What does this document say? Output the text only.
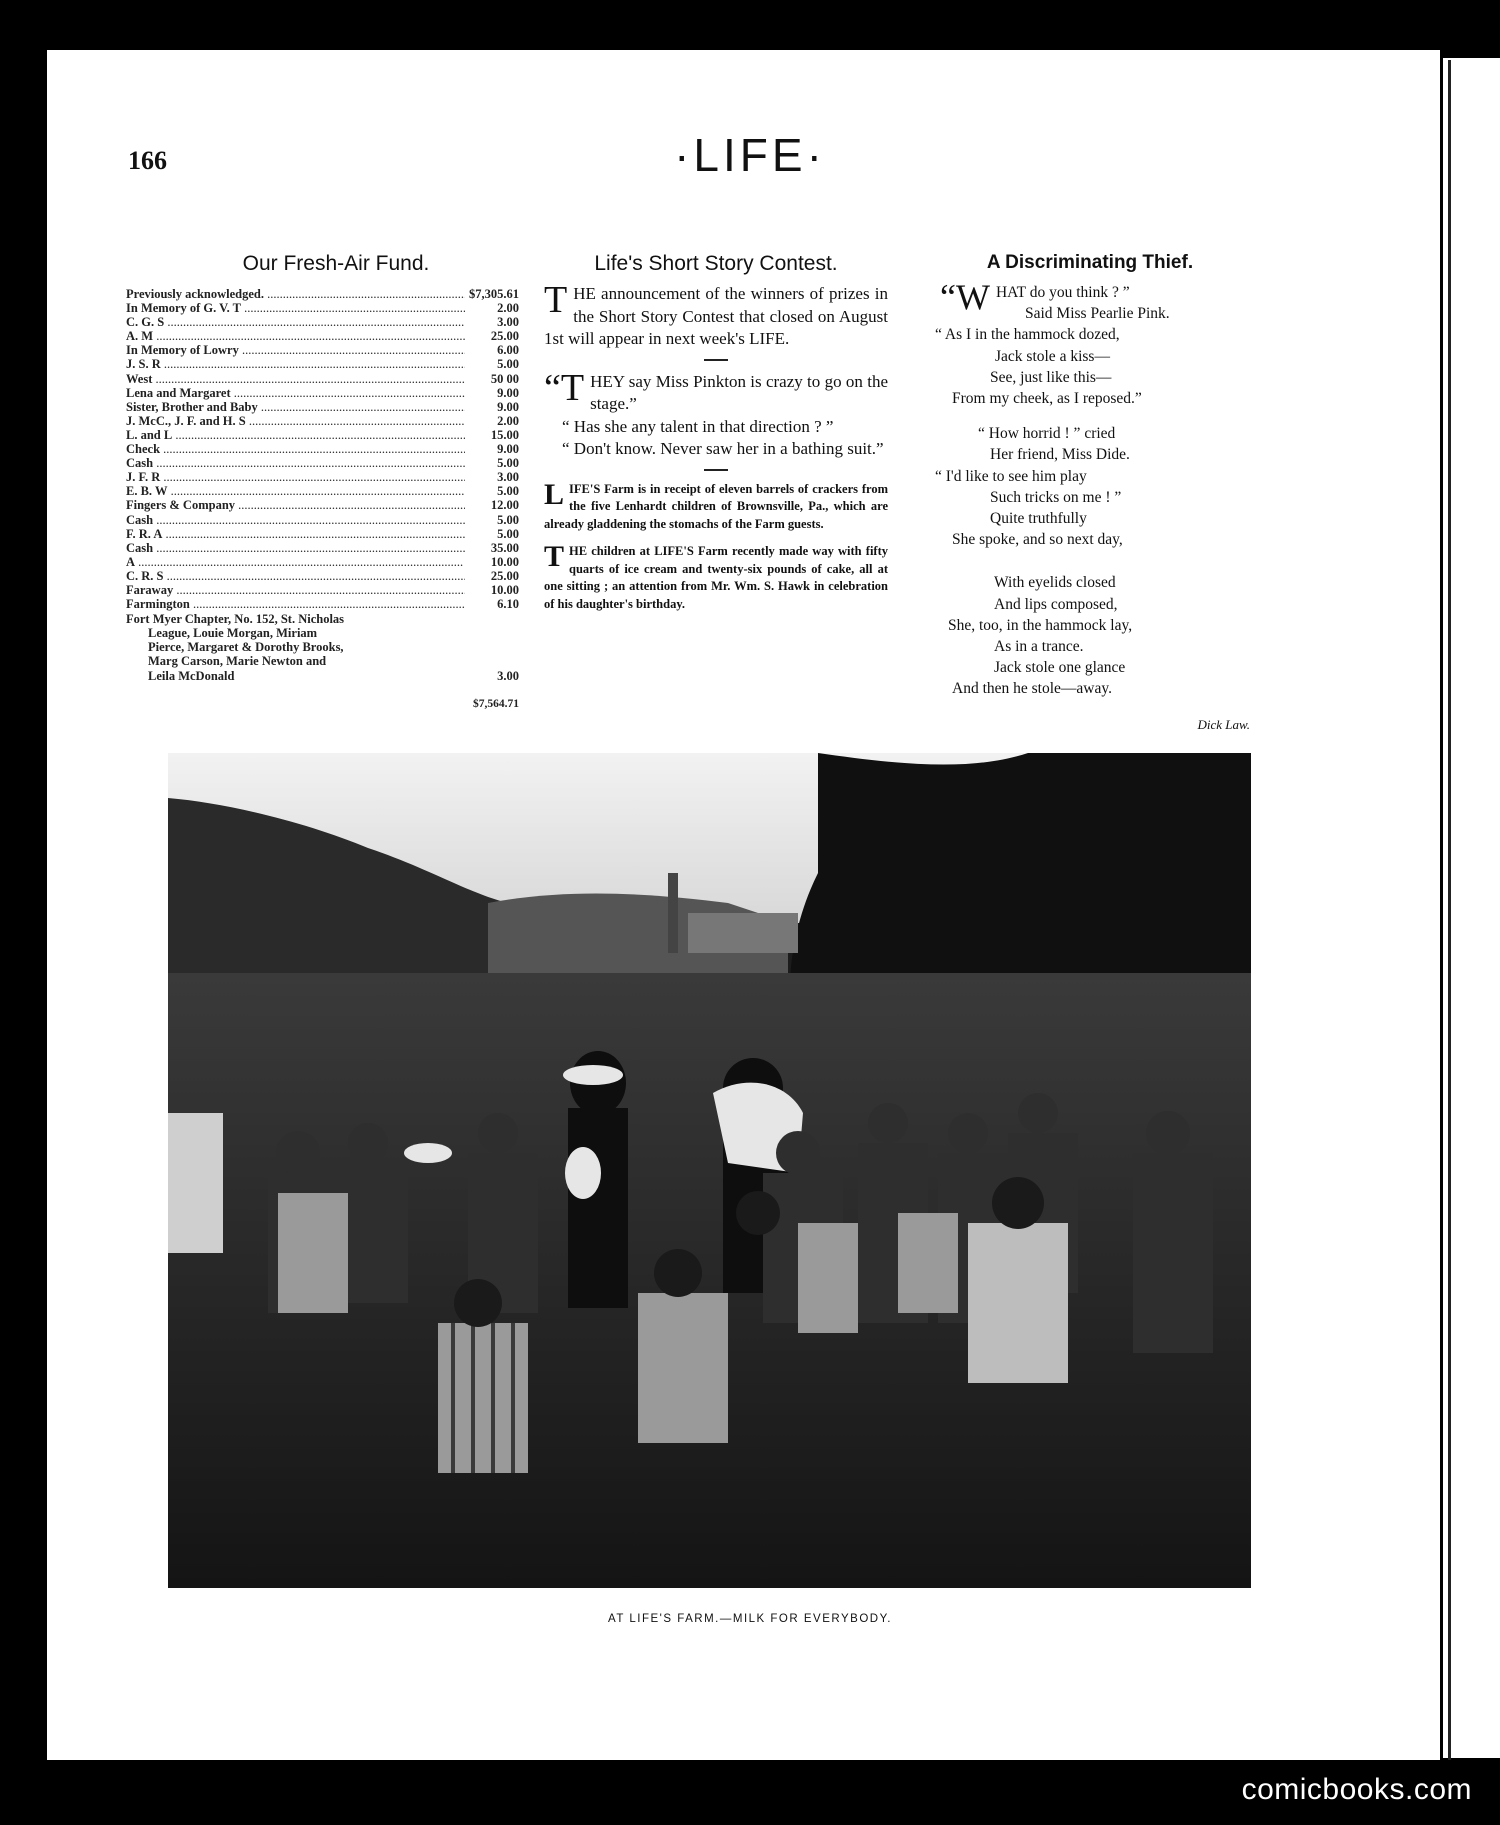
166	·LIFE·
Our Fresh-Air Fund.
Previously acknowledged. .....	$7,305.61
In Memory of G. V. T .....	2.00
C. G. S .....	3.00
A. M .....	25.00
In Memory of Lowry .....	6.00
J. S. R .....	5.00
West .....	50 00
Lena and Margaret .....	9.00
Sister, Brother and Baby .....	9.00
J. McC., J. F. and H. S .....	2.00
L. and L .....	15.00
Check .....	9.00
Cash .....	5.00
J. F. R .....	3.00
E. B. W .....	5.00
Fingers & Company .....	12.00
Cash .....	5.00
F. R. A .....	5.00
Cash .....	35.00
A .....	10.00
C. R. S .....	25.00
Faraway .....	10.00
Farmington .....	6.10
Fort Myer Chapter, No. 152, St. Nicholas
League, Louie Morgan, Miriam
Pierce, Margaret & Dorothy Brooks,
Marg Carson, Marie Newton and
Leila McDonald	3.00
$7,564.71
Life's Short Story Contest.

THE announcement of the winners of prizes in the Short Story Contest that closed on August 1st will appear in next week's LIFE.

“T HEY say Miss Pinkton is crazy to go on the stage.”

“ Has she any talent in that direction ? ”

“ Don't know. Never saw her in a bathing suit.”

LIFE'S Farm is in receipt of eleven barrels of crackers from the five Lenhardt children of Brownsville, Pa., which are already gladdening the stomachs of the Farm guests.

THE children at LIFE'S Farm recently made way with fifty quarts of ice cream and twenty-six pounds of cake, all at one sitting ; an attention from Mr. Wm. S. Hawk in celebration of his daughter's birthday.

A Discriminating Thief.
“W HAT do you think ? ”
Said Miss Pearlie Pink.
“ As I in the hammock dozed,
Jack stole a kiss—
See, just like this—
From my cheek, as I reposed.”
“ How horrid ! ” cried
Her friend, Miss Dide.
“ I'd like to see him play
Such tricks on me ! ”
Quite truthfully
She spoke, and so next day,
With eyelids closed
And lips composed,
She, too, in the hammock lay,
As in a trance.
Jack stole one glance
And then he stole—away.
Dick Law.
AT LIFE'S FARM.—MILK FOR EVERYBODY.
comicbooks.com
